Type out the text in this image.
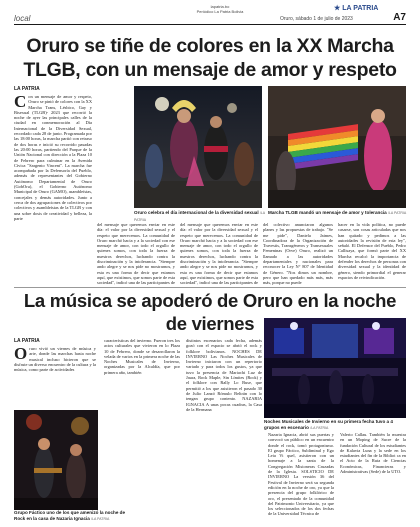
local
lapatria.bo
Periódico La Patria Bolivia	★ LA PATRIA
Oruro, sábado 1 de julio de 2023	A7
Oruro se tiñe de colores en la XX Marcha TLGB, con un mensaje de amor y respeto
LA PATRIA
Con un mensaje de amor y respeto, Oruro se pintó de colores con la XX Marcha Trans, Lésbico, Gay y Bisexual (TLGB)- 2023 que recorrió la noche de ayer las principales calles de la ciudad en conmemoración al Día Internacional de la Diversidad Sexual, recordado cada 28 de junio. Programada por las 18:00 horas, la marcha partió con retraso de dos horas e inició su recorrido pasadas las 20:00 horas, partiendo del Parque de la Unión Nacional con dirección a la Plaza 10 de Febrero para culminar en la Avenida Cívica "Sargento Vincent". La marcha fue acompañada por la Defensoría del Pueblo, además de representantes del Gobierno Autónomo Departamental de Oruro (GobOru), el Gobierno Autónomo Municipal de Oruro (GAMO), asambleístas, concejales y demás autoridades. Junto a cerca de dos agrupaciones de colectivos por colectivos y asambleístas de la TLGB y con una sobre dosis de creatividad y belleza, la parte
Oruro celebra el día internacional de la diversidad sexual /LA PATRIA
Marcha TLGB mandó un mensaje de amor y tolerancia /LA PATRIA
del mensaje que queremos enviar en este día: el valor por la diversidad sexual y el respeto que merecemos. La comunidad de Oruro marchó hacia y a la sociedad con ese mensaje de amor, con todo el orgullo de quienes somos, con toda la fuerza de nuestros derechos, luchando contra la discriminación y la intolerancia. "Siempre ando alegre y se nos pide no mostrarnos, y esta es una forma de decir que estamos aquí, que existimos, que somos parte de esta sociedad", indicó una de las participantes de
del mensaje que queremos enviar en este día: el valor por la diversidad sexual y el respeto que merecemos. La comunidad de Oruro marchó hacia y a la sociedad con ese mensaje de amor, con todo el orgullo de quienes somos, con toda la fuerza de nuestros derechos, luchando contra la discriminación y la intolerancia. "Siempre ando alegre y se nos pide no mostrarnos, y esta es una forma de decir que estamos aquí, que existimos, que somos parte de esta sociedad", indicó una de las participantes de
del colectivo anunciaron algunos planes y las propuestas de trabajo. "Se me pide", Daniela Jaimes, Coordinadora de la Organización de Travestis, Transgéneros y Transexuales Femeninas (Orve) Oruro, realizó un llamado a las autoridades departamentales y nacionales para reconocer la Ley N° 807 de Identidad de Género. "Nos dimos un nombre, pero que han quedado más más, más más, porque no puede
hacer en la vida política, no puede casarse, son cosas articuladas que nos han quitado y pedimos a las autoridades la revisión de esta ley", señaló. El Defensor del Pueblo, Pedro Callisaya, que formó parte del XX Marcha recalcó la importancia de defender los derechos de personas con diversidad sexual y la identidad de género, siendo primordial el generar espacios de reivindicación.
La música se apoderó de Oruro en la noche de viernes
LA PATRIA
Oruro vivió un viernes de música y arte, donde las marchas hasta noche musical incluso hicieron que se disfrute un diverso encuentro de la cultura y la música, como parte de actividades
Grupo Fáctico uno de los que amenizó la noche de Rock en la casa de Nazaria Ignacia /LA PATRIA
características del invierno. Fueron tres los actos culturales que vivieron en lo Plaza 10 de Febrero, donde se desarrollaron la velada de varios en la primera noche de las Noches Musicales de Invierno, organizadas por la Alcaldía, que por primera año, también
distintos escenarios cada fecha, además gozó con el espacio se abrió el rock y folklore bolivianos. NOCHES DE INVIERNO Las Noches Musicales de Invierno iniciaron con un repertorio variado y para todos los gustos, ya que tuvo la presencia de Mariachi Luz de Jaura, Rock Maple, Sin Límites (Rock) y el folklore con Rally Lo Buse, que permitió a los que asistieron el pasado 30 de Julio Lanzó Rómulo Beltrán con lo tengan grupo contento. NAZARIA IGNACIA A unas pocas cuadras, la Casa de la Hermana
Noches Musicales de Invierno en su primera fecha tuvo a 4 grupos en escenario /LA PATRIA
Nazaria Ignacia, abrió sus puertas y convocó un público en un encuentro donde el rock, tomó protagonismo. El grupo Fáctico, Subliminal y Ego Leia Vi quel, asistieron con un homenaje a la santa de la Congregación Misioneras Cruzadas de la Iglesia. SOLSTICIO DE INVIERNO La versión 36 del Festival de Invierno será su segunda edición en la noche de oro, ya que la presencia del grupo folklórico de oro, el presentado de la comunidad del Patrimonio Universitario, ya que los seleccionados de los dos fechas de la Universidad Técnica de
Valerio Callau. También la muestra en un Moping de Sucre de la fundación Cultural de los estudiantes de Kalavia Luna y la sede en los estudiantes del fin de la Bibliot ca en el Acto de la Ruta de Ciencias Económicas, Financieras y Administrativas (Sede) de la UTO.
